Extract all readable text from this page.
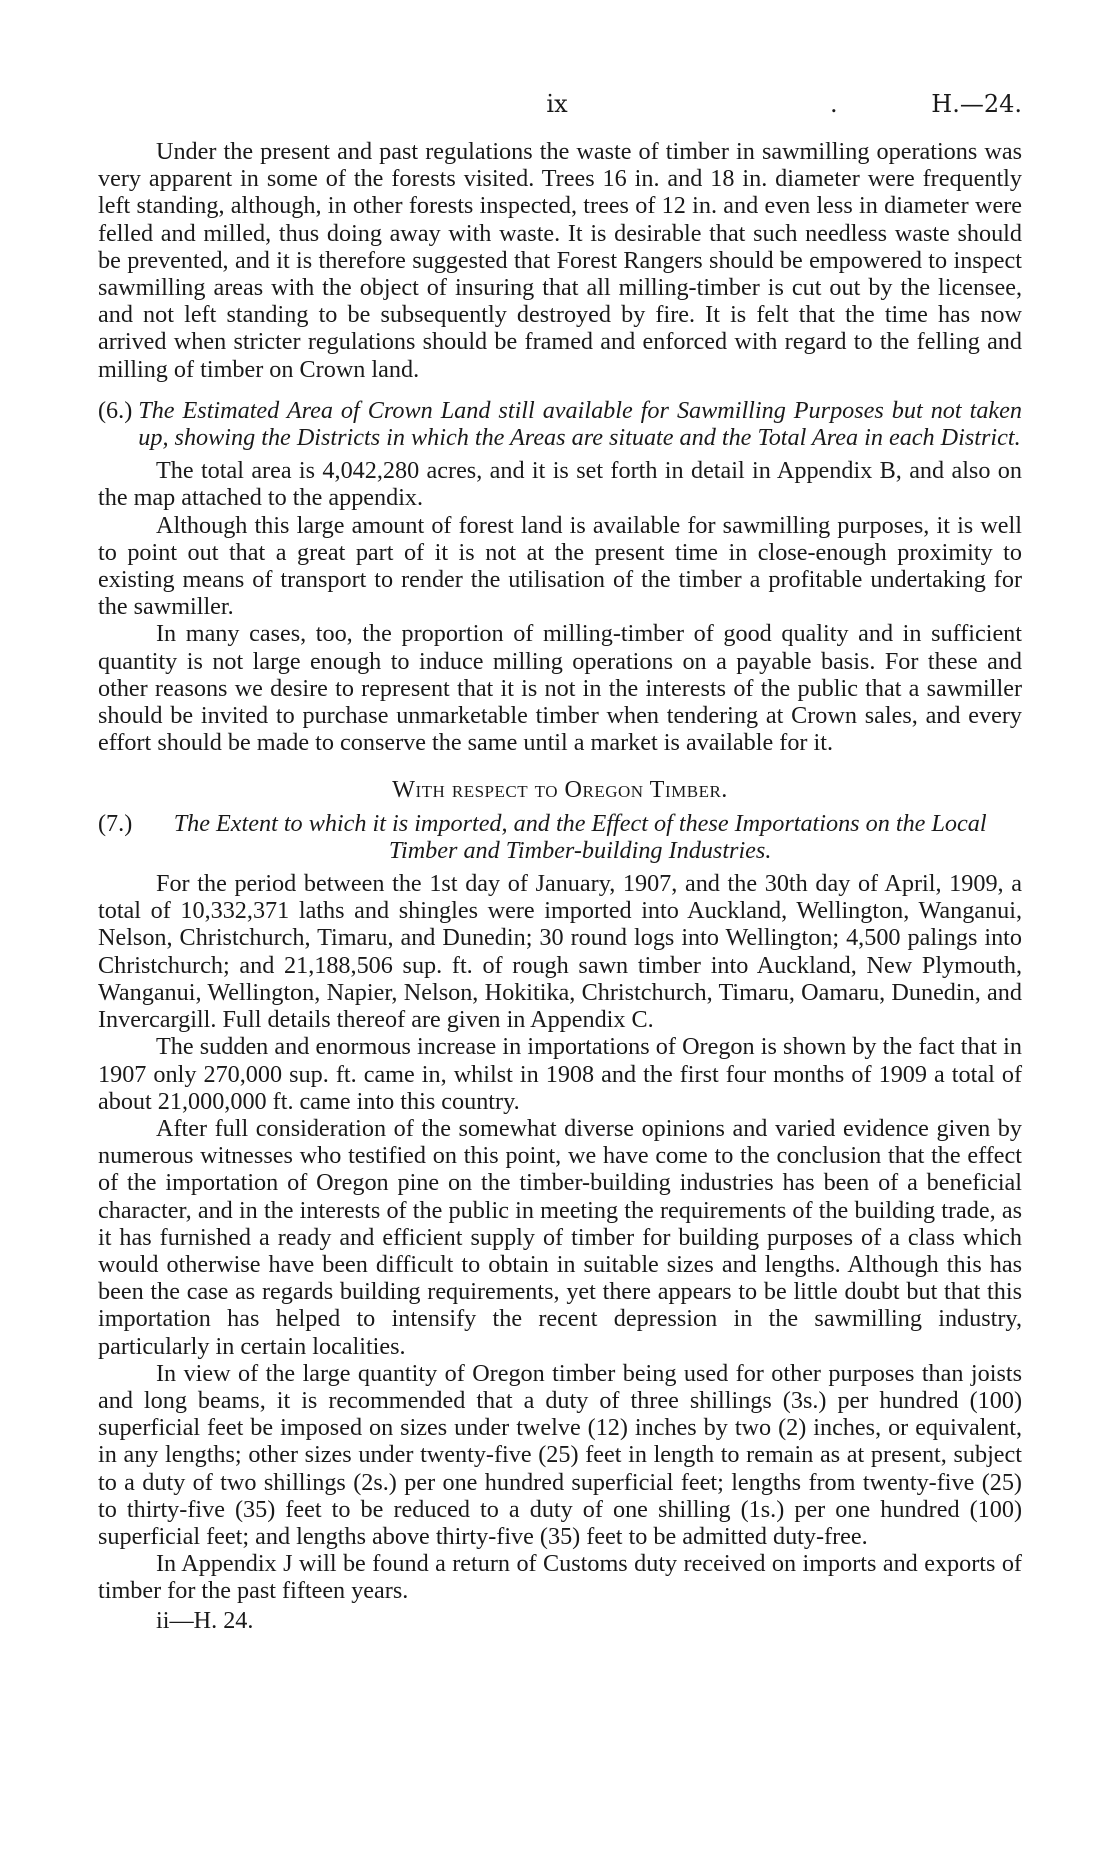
ix	.	H.—24.

Under the present and past regulations the waste of timber in sawmilling operations was very apparent in some of the forests visited. Trees 16 in. and 18 in. diameter were frequently left standing, although, in other forests inspected, trees of 12 in. and even less in diameter were felled and milled, thus doing away with waste. It is desirable that such needless waste should be prevented, and it is therefore suggested that Forest Rangers should be empowered to inspect sawmilling areas with the object of insuring that all milling-timber is cut out by the licensee, and not left standing to be subsequently destroyed by fire. It is felt that the time has now arrived when stricter regulations should be framed and enforced with regard to the felling and milling of timber on Crown land.

(6.) The Estimated Area of Crown Land still available for Sawmilling Purposes but not taken up, showing the Districts in which the Areas are situate and the Total Area in each District.

The total area is 4,042,280 acres, and it is set forth in detail in Appendix B, and also on the map attached to the appendix.

Although this large amount of forest land is available for sawmilling purposes, it is well to point out that a great part of it is not at the present time in close-enough proximity to existing means of transport to render the utilisation of the timber a profitable undertaking for the sawmiller.

In many cases, too, the proportion of milling-timber of good quality and in sufficient quantity is not large enough to induce milling operations on a payable basis. For these and other reasons we desire to represent that it is not in the interests of the public that a sawmiller should be invited to purchase unmarketable timber when tendering at Crown sales, and every effort should be made to conserve the same until a market is available for it.

With respect to Oregon Timber.
(7.)	The Extent to which it is imported, and the Effect of these Importations on the Local Timber and Timber-building Industries.

For the period between the 1st day of January, 1907, and the 30th day of April, 1909, a total of 10,332,371 laths and shingles were imported into Auckland, Wellington, Wanganui, Nelson, Christchurch, Timaru, and Dunedin; 30 round logs into Wellington; 4,500 palings into Christchurch; and 21,188,506 sup. ft. of rough sawn timber into Auckland, New Plymouth, Wanganui, Wellington, Napier, Nelson, Hokitika, Christchurch, Timaru, Oamaru, Dunedin, and Invercargill. Full details thereof are given in Appendix C.

The sudden and enormous increase in importations of Oregon is shown by the fact that in 1907 only 270,000 sup. ft. came in, whilst in 1908 and the first four months of 1909 a total of about 21,000,000 ft. came into this country.

After full consideration of the somewhat diverse opinions and varied evidence given by numerous witnesses who testified on this point, we have come to the conclusion that the effect of the importation of Oregon pine on the timber-building industries has been of a beneficial character, and in the interests of the public in meeting the requirements of the building trade, as it has furnished a ready and efficient supply of timber for building purposes of a class which would otherwise have been difficult to obtain in suitable sizes and lengths. Although this has been the case as regards building requirements, yet there appears to be little doubt but that this importation has helped to intensify the recent depression in the sawmilling industry, particularly in certain localities.

In view of the large quantity of Oregon timber being used for other purposes than joists and long beams, it is recommended that a duty of three shillings (3s.) per hundred (100) superficial feet be imposed on sizes under twelve (12) inches by two (2) inches, or equivalent, in any lengths; other sizes under twenty-five (25) feet in length to remain as at present, subject to a duty of two shillings (2s.) per one hundred superficial feet; lengths from twenty-five (25) to thirty-five (35) feet to be reduced to a duty of one shilling (1s.) per one hundred (100) superficial feet; and lengths above thirty-five (35) feet to be admitted duty-free.

In Appendix J will be found a return of Customs duty received on imports and exports of timber for the past fifteen years.

ii—H. 24.
